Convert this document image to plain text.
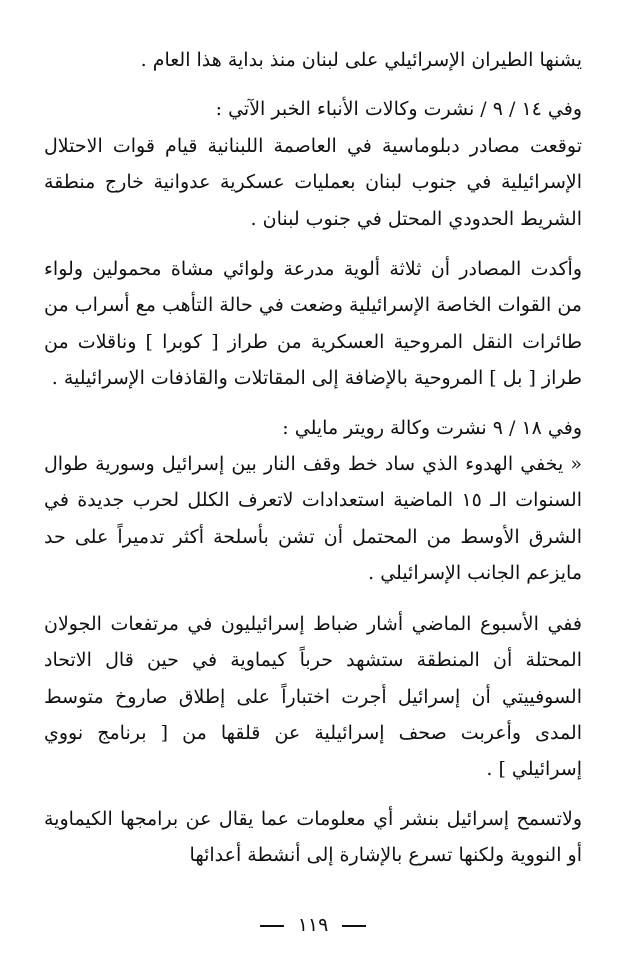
يشنها الطيران الإسرائيلي على لبنان منذ بداية هذا العام .

وفي ١٤ / ٩ / نشرت وكالات الأنباء الخبر الآتي :

توقعت مصادر دبلوماسية في العاصمة اللبنانية قيام قوات الاحتلال الإسرائيلية في جنوب لبنان بعمليات عسكرية عدوانية خارج منطقة الشريط الحدودي المحتل في جنوب لبنان .

وأكدت المصادر أن ثلاثة ألوية مدرعة ولوائي مشاة محمولين ولواء من القوات الخاصة الإسرائيلية وضعت في حالة التأهب مع أسراب من طائرات النقل المروحية العسكرية من طراز [ كوبرا ] وناقلات من طراز [ بل ] المروحية بالإضافة إلى المقاتلات والقاذفات الإسرائيلية .

وفي ١٨ / ٩ نشرت وكالة رويتر مايلي :

« يخفي الهدوء الذي ساد خط وقف النار بين إسرائيل وسورية طوال السنوات الـ ١٥ الماضية استعدادات لاتعرف الكلل لحرب جديدة في الشرق الأوسط من المحتمل أن تشن بأسلحة أكثر تدميراً على حد مايزعم الجانب الإسرائيلي .

ففي الأسبوع الماضي أشار ضباط إسرائيليون في مرتفعات الجولان المحتلة أن المنطقة ستشهد حرباً كيماوية في حين قال الاتحاد السوفييتي أن إسرائيل أجرت اختباراً على إطلاق صاروخ متوسط المدى وأعربت صحف إسرائيلية عن قلقها من [ برنامج نووي إسرائيلي ] .

ولاتسمح إسرائيل بنشر أي معلومات عما يقال عن برامجها الكيماوية أو النووية ولكنها تسرع بالإشارة إلى أنشطة أعدائها

١١٩
